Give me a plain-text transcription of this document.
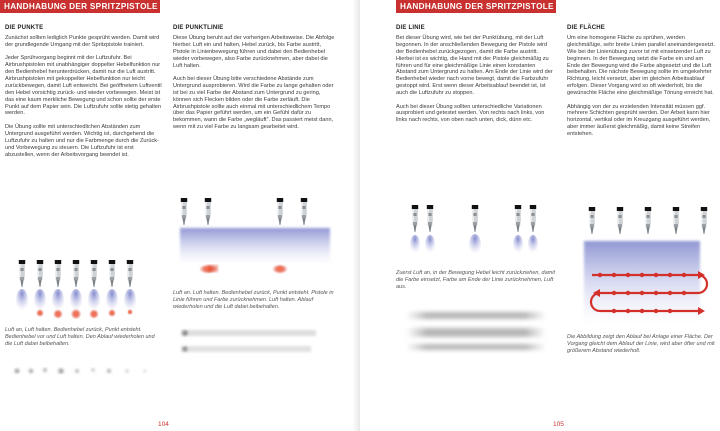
HANDHABUNG DER SPRITZPISTOLE
DIE PUNKTE

Zunächst sollten lediglich Punkte gesprüht werden. Damit wird der grundlegende Umgang mit der Spritzpistole trainiert.

Jeder Sprühvorgang beginnt mit der Luftzufuhr. Bei Airbrushpistolen mit unabhängiger doppelter Hebelfunktion nur den Bedienhebel herunterdrücken, damit nur die Luft austritt. Airbrushpistolen mit gekoppelter Hebelfunktion nur leicht zurückbewegen, damit Luft entweicht. Bei geöffnetem Luftventil den Hebel vorsichtig zurück- und wieder vorbewegen. Meist ist das eine kaum merkliche Bewegung und schon sollte der erste Punkt auf dem Papier sein. Die Luftzufuhr sollte stetig gehalten werden.

Die Übung sollte mit unterschiedlichen Abständen zum Untergrund ausgeführt werden. Wichtig ist, durchgehend die Luftzufuhr zu halten und nur die Farbmenge durch die Zurück- und Vorbewegung zu steuern. Die Luftzufuhr ist erst abzustellen, wenn der Arbeitsvorgang beendet ist.

Luft an, Luft halten. Bedienhebel zurück, Punkt entsteht. Bedienhebel vor und Luft halten. Den Ablauf wiederholen und die Luft dabei beibehalten.
DIE PUNKTLINIE

Diese Übung beruht auf der vorherigen Arbeitsweise. Die Abfolge hierbei: Luft ein und halten, Hebel zurück, bis Farbe austritt, Pistole in Linienbewegung führen und dabei den Bedienhebel wieder vorbewegen, also Farbe zurücknehmen, aber dabei die Luft halten.

Auch bei dieser Übung bitte verschiedene Abstände zum Untergrund ausprobieren. Wird die Farbe zu lange gehalten oder ist bei zu viel Farbe der Abstand zum Untergrund zu gering, können sich Flecken bilden oder die Farbe zerläuft. Die Airbrushpistole sollte auch einmal mit unterschiedlichem Tempo über das Papier geführt werden, um ein Gefühl dafür zu bekommen, wann die Farbe „wegläuft“. Das passiert meist dann, wenn mit zu viel Farbe zu langsam gearbeitet wird.

Luft an. Luft halten. Bedienhebel zurück, Punkt entsteht. Pistole in Linie führen und Farbe zurücknehmen. Luft halten. Ablauf wiederholen und die Luft dabei beibehalten.
104
HANDHABUNG DER SPRITZPISTOLE
DIE LINIE

Bei dieser Übung wird, wie bei der Punktübung, mit der Luft begonnen. In der anschließenden Bewegung der Pistole wird der Bedienhebel zurückgezogen, damit die Farbe austritt. Hierbei ist es wichtig, die Hand mit der Pistole gleichmäßig zu führen und für eine gleichmäßige Linie einen konstanten Abstand zum Untergrund zu halten. Am Ende der Linie wird der Bedienhebel wieder nach vorne bewegt, damit die Farbzufuhr gestoppt wird. Erst wenn dieser Arbeitsablauf beendet ist, ist auch die Luftzufuhr zu stoppen.

Auch bei dieser Übung sollten unterschiedliche Variationen ausprobiert und getestet werden. Von rechts nach links, von links nach rechts, von oben nach unten, dick, dünn etc.

Zuerst Luft an, in der Bewegung Hebel leicht zurückziehen, damit die Farbe einsetzt, Farbe am Ende der Linie zurücknehmen, Luft aus.
DIE FLÄCHE

Um eine homogene Fläche zu sprühen, werden gleichmäßige, sehr breite Linien parallel aneinandergesetzt. Wie bei der Linienübung zuvor ist mit einsetzender Luft zu beginnen. In der Bewegung setzt die Farbe ein und am Ende der Bewegung wird die Farbe abgesetzt und die Luft beibehalten. Die nächste Bewegung sollte im umgekehrter Richtung, leicht versetzt, aber im gleichen Arbeitsablauf erfolgen. Dieser Vorgang wird so oft wiederholt, bis die gewünschte Fläche eine gleichmäßige Tönung erreicht hat.

Abhängig von der zu erzielenden Intensität müssen ggf. mehrere Schichten gesprüht werden. Der Arbeit kann hier horizontal, vertikal oder im Kreuzgang ausgeführt werden, aber immer äußerst gleichmäßig, damit keine Streifen entstehen.

Die Abbildung zeigt den Ablauf bei Anlage einer Fläche. Der Vorgang gleicht dem Ablauf der Linie, wird aber öfter und mit größerem Abstand wiederholt.
105
